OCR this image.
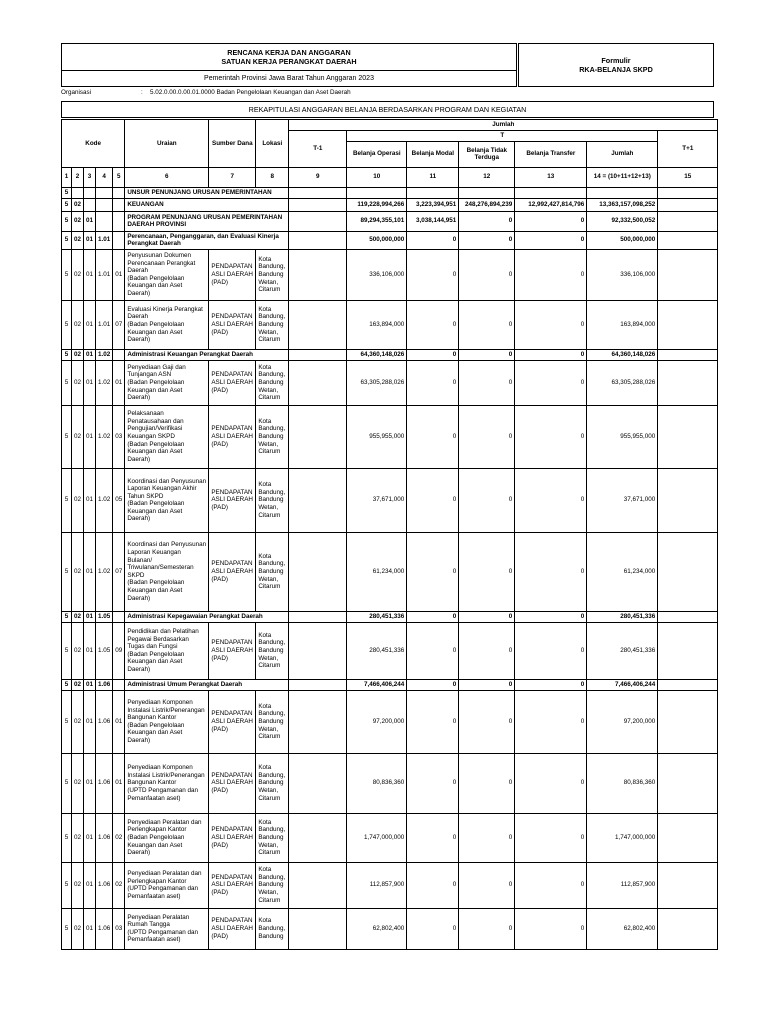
RENCANA KERJA DAN ANGGARAN
SATUAN KERJA PERANGKAT DAERAH
Pemerintah Provinsi Jawa Barat Tahun Anggaran 2023
Formulir
RKA-BELANJA SKPD
Organisasi	: 5.02.0.00.0.00.01.0000 Badan Pengelolaan Keuangan dan Aset Daerah
REKAPITULASI ANGGARAN BELANJA BERDASARKAN PROGRAM DAN KEGIATAN
Kode					Uraian	Sumber Dana	Lokasi	Jumlah						
								T-1	T					T+1
									Belanja Operasi	Belanja Modal	Belanja Tidak Terduga	Belanja Transfer	Jumlah	
1	2	3	4	5	6	7	8	9	10	11	12	13	14 = (10+11+12+13)	15
5					UNSUR PENUNJANG URUSAN PEMERINTAHAN									
5	02				KEUANGAN				119,228,994,266	3,223,394,951	248,276,894,239	12,992,427,814,796	13,363,157,098,252	
5	02	01			PROGRAM PENUNJANG URUSAN PEMERINTAHAN DAERAH PROVINSI				89,294,355,101	3,038,144,951	0	0	92,332,500,052	
5	02	01	1.01		Perencanaan, Penganggaran, dan Evaluasi Kinerja Perangkat Daerah				500,000,000	0	0	0	500,000,000	
5	02	01	1.01	01	Penyusunan Dokumen Perencanaan Perangkat Daerah
(Badan Pengelolaan Keuangan dan Aset Daerah)	PENDAPATAN ASLI DAERAH (PAD)	Kota Bandung, Bandung Wetan, Citarum		336,106,000	0	0	0	336,106,000	
5	02	01	1.01	07	Evaluasi Kinerja Perangkat Daerah
(Badan Pengelolaan Keuangan dan Aset Daerah)	PENDAPATAN ASLI DAERAH (PAD)	Kota Bandung, Bandung Wetan, Citarum		163,894,000	0	0	0	163,894,000	
5	02	01	1.02		Administrasi Keuangan Perangkat Daerah				64,360,148,026	0	0	0	64,360,148,026	
5	02	01	1.02	01	Penyediaan Gaji dan Tunjangan ASN
(Badan Pengelolaan Keuangan dan Aset Daerah)	PENDAPATAN ASLI DAERAH (PAD)	Kota Bandung, Bandung Wetan, Citarum		63,305,288,026	0	0	0	63,305,288,026	
5	02	01	1.02	03	Pelaksanaan Penatausahaan dan Pengujian/Verifikasi Keuangan SKPD
(Badan Pengelolaan Keuangan dan Aset Daerah)	PENDAPATAN ASLI DAERAH (PAD)	Kota Bandung, Bandung Wetan, Citarum		955,955,000	0	0	0	955,955,000	
5	02	01	1.02	05	Koordinasi dan Penyusunan Laporan Keuangan Akhir Tahun SKPD
(Badan Pengelolaan Keuangan dan Aset Daerah)	PENDAPATAN ASLI DAERAH (PAD)	Kota Bandung, Bandung Wetan, Citarum		37,671,000	0	0	0	37,671,000	
5	02	01	1.02	07	Koordinasi dan Penyusunan Laporan Keuangan Bulanan/ Triwulanan/Semesteran SKPD
(Badan Pengelolaan Keuangan dan Aset Daerah)	PENDAPATAN ASLI DAERAH (PAD)	Kota Bandung, Bandung Wetan, Citarum		61,234,000	0	0	0	61,234,000	
5	02	01	1.05		Administrasi Kepegawaian Perangkat Daerah				280,451,336	0	0	0	280,451,336	
5	02	01	1.05	09	Pendidikan dan Pelatihan Pegawai Berdasarkan Tugas dan Fungsi
(Badan Pengelolaan Keuangan dan Aset Daerah)	PENDAPATAN ASLI DAERAH (PAD)	Kota Bandung, Bandung Wetan, Citarum		280,451,336	0	0	0	280,451,336	
5	02	01	1.06		Administrasi Umum Perangkat Daerah				7,466,406,244	0	0	0	7,466,406,244	
5	02	01	1.06	01	Penyediaan Komponen Instalasi Listrik/Penerangan Bangunan Kantor
(Badan Pengelolaan Keuangan dan Aset Daerah)	PENDAPATAN ASLI DAERAH (PAD)	Kota Bandung, Bandung Wetan, Citarum		97,200,000	0	0	0	97,200,000	
5	02	01	1.06	01	Penyediaan Komponen Instalasi Listrik/Penerangan Bangunan Kantor
(UPTD Pengamanan dan Pemanfaatan aset)	PENDAPATAN ASLI DAERAH (PAD)	Kota Bandung, Bandung Wetan, Citarum		80,836,360	0	0	0	80,836,360	
5	02	01	1.06	02	Penyediaan Peralatan dan Perlengkapan Kantor
(Badan Pengelolaan Keuangan dan Aset Daerah)	PENDAPATAN ASLI DAERAH (PAD)	Kota Bandung, Bandung Wetan, Citarum		1,747,000,000	0	0	0	1,747,000,000	
5	02	01	1.06	02	Penyediaan Peralatan dan Perlengkapan Kantor
(UPTD Pengamanan dan Pemanfaatan aset)	PENDAPATAN ASLI DAERAH (PAD)	Kota Bandung, Bandung Wetan, Citarum		112,857,900	0	0	0	112,857,900	
5	02	01	1.06	03	Penyediaan Peralatan Rumah Tangga
(UPTD Pengamanan dan Pemanfaatan aset)	PENDAPATAN ASLI DAERAH (PAD)	Kota Bandung, Bandung		62,802,400	0	0	0	62,802,400	
